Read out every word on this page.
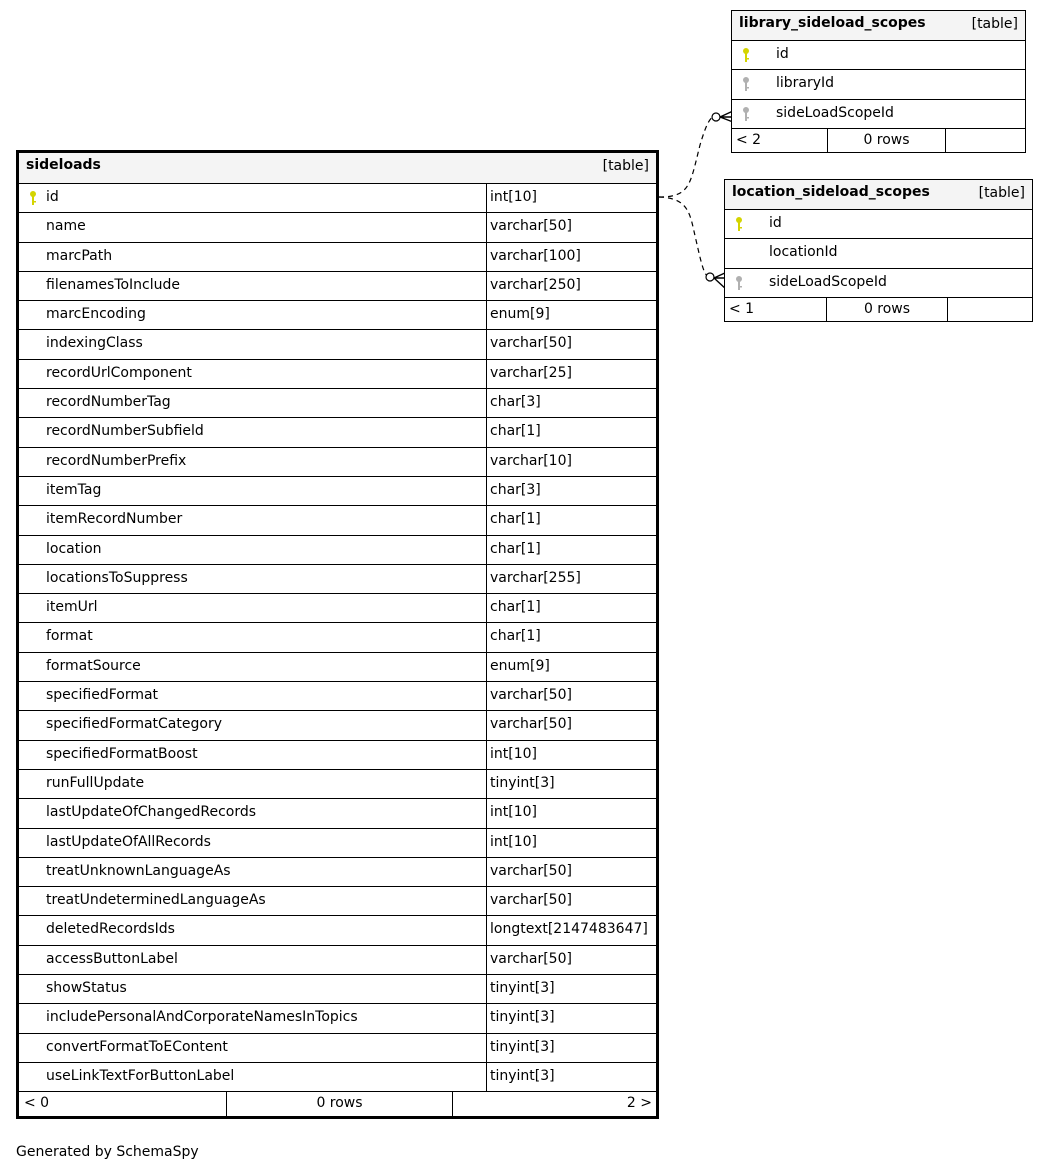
sideloads	[table]
id	int[10]
name	varchar[50]
marcPath	varchar[100]
filenamesToInclude	varchar[250]
marcEncoding	enum[9]
indexingClass	varchar[50]
recordUrlComponent	varchar[25]
recordNumberTag	char[3]
recordNumberSubfield	char[1]
recordNumberPrefix	varchar[10]
itemTag	char[3]
itemRecordNumber	char[1]
location	char[1]
locationsToSuppress	varchar[255]
itemUrl	char[1]
format	char[1]
formatSource	enum[9]
specifiedFormat	varchar[50]
specifiedFormatCategory	varchar[50]
specifiedFormatBoost	int[10]
runFullUpdate	tinyint[3]
lastUpdateOfChangedRecords	int[10]
lastUpdateOfAllRecords	int[10]
treatUnknownLanguageAs	varchar[50]
treatUndeterminedLanguageAs	varchar[50]
deletedRecordsIds	longtext[2147483647]
accessButtonLabel	varchar[50]
showStatus	tinyint[3]
includePersonalAndCorporateNamesInTopics	tinyint[3]
convertFormatToEContent	tinyint[3]
useLinkTextForButtonLabel	tinyint[3]
< 0	0 rows	2 >
library_sideload_scopes	[table]
id
libraryId
sideLoadScopeId
< 2	0 rows
location_sideload_scopes	[table]
id
locationId
sideLoadScopeId
< 1	0 rows
Generated by SchemaSpy
